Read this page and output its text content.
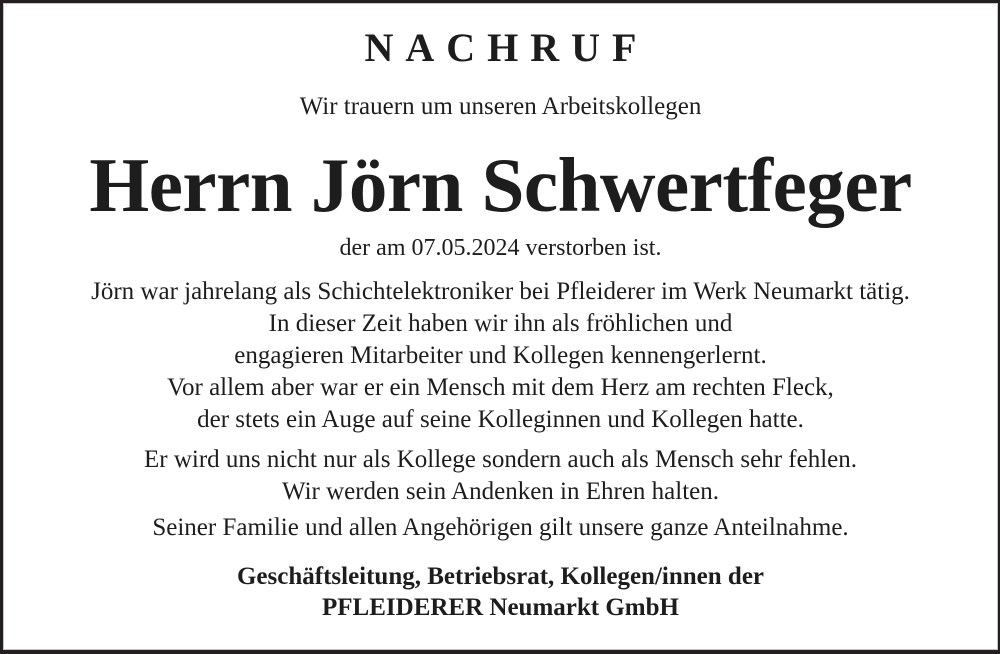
NACHRUF
Wir trauern um unseren Arbeitskollegen
Herrn Jörn Schwertfeger
der am 07.05.2024 verstorben ist.
Jörn war jahrelang als Schichtelektroniker bei Pfleiderer im Werk Neumarkt tätig.
In dieser Zeit haben wir ihn als fröhlichen und
engagieren Mitarbeiter und Kollegen kennengerlernt.
Vor allem aber war er ein Mensch mit dem Herz am rechten Fleck,
der stets ein Auge auf seine Kolleginnen und Kollegen hatte.
Er wird uns nicht nur als Kollege sondern auch als Mensch sehr fehlen.
Wir werden sein Andenken in Ehren halten.
Seiner Familie und allen Angehörigen gilt unsere ganze Anteilnahme.
Geschäftsleitung, Betriebsrat, Kollegen/innen der
PFLEIDERER Neumarkt GmbH
